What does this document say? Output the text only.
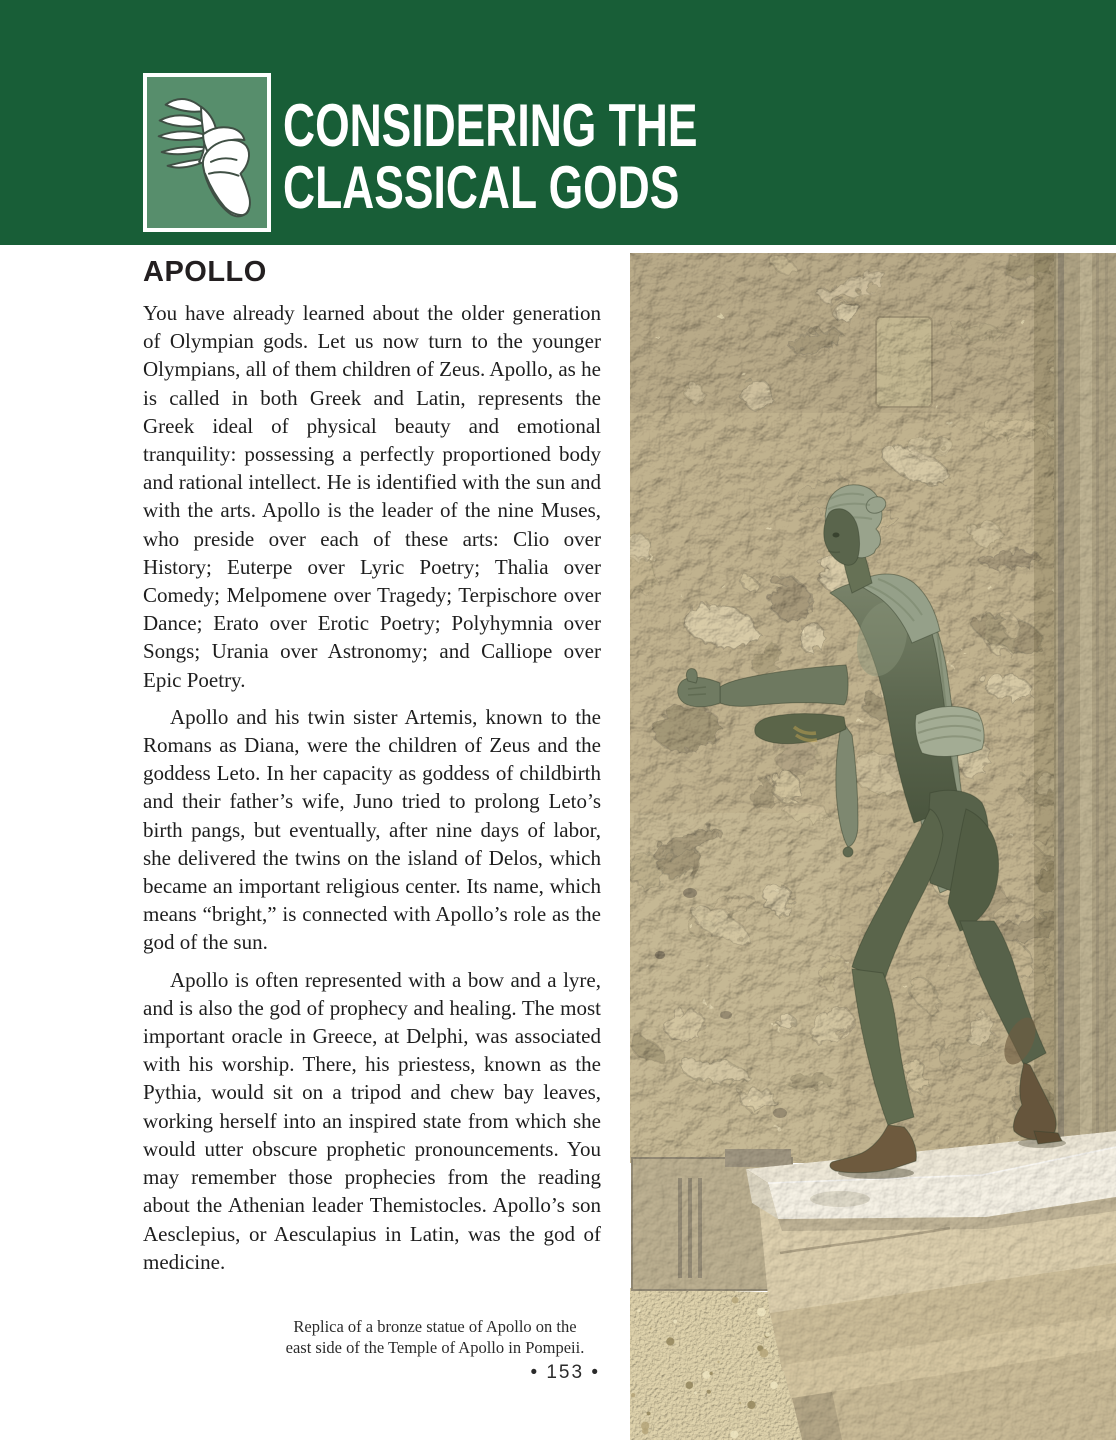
CONSIDERING THE
CLASSICAL GODS
APOLLO

You have already learned about the older generation of Olympian gods. Let us now turn to the younger Olympians, all of them children of Zeus. Apollo, as he is called in both Greek and Latin, represents the Greek ideal of physical beauty and emotional tranquility: possessing a perfectly proportioned body and rational intellect. He is identified with the sun and with the arts. Apollo is the leader of the nine Muses, who preside over each of these arts: Clio over History; Euterpe over Lyric Poetry; Thalia over Comedy; Melpomene over Tragedy; Terpischore over Dance; Erato over Erotic Poetry; Polyhymnia over Songs; Urania over Astronomy; and Calliope over Epic Poetry.

Apollo and his twin sister Artemis, known to the Romans as Diana, were the children of Zeus and the goddess Leto. In her capacity as goddess of childbirth and their father’s wife, Juno tried to prolong Leto’s birth pangs, but eventually, after nine days of labor, she delivered the twins on the island of Delos, which became an important religious center. Its name, which means “bright,” is connected with Apollo’s role as the god of the sun.

Apollo is often represented with a bow and a lyre, and is also the god of prophecy and healing. The most important oracle in Greece, at Delphi, was associated with his worship. There, his priestess, known as the Pythia, would sit on a tripod and chew bay leaves, working herself into an inspired state from which she would utter obscure prophetic pronouncements. You may remember those prophecies from the reading about the Athenian leader Themistocles. Apollo’s son Aesclepius, or Aesculapius in Latin, was the god of medicine.

Replica of a bronze statue of Apollo on the
east side of the Temple of Apollo in Pompeii.
• 153 •
